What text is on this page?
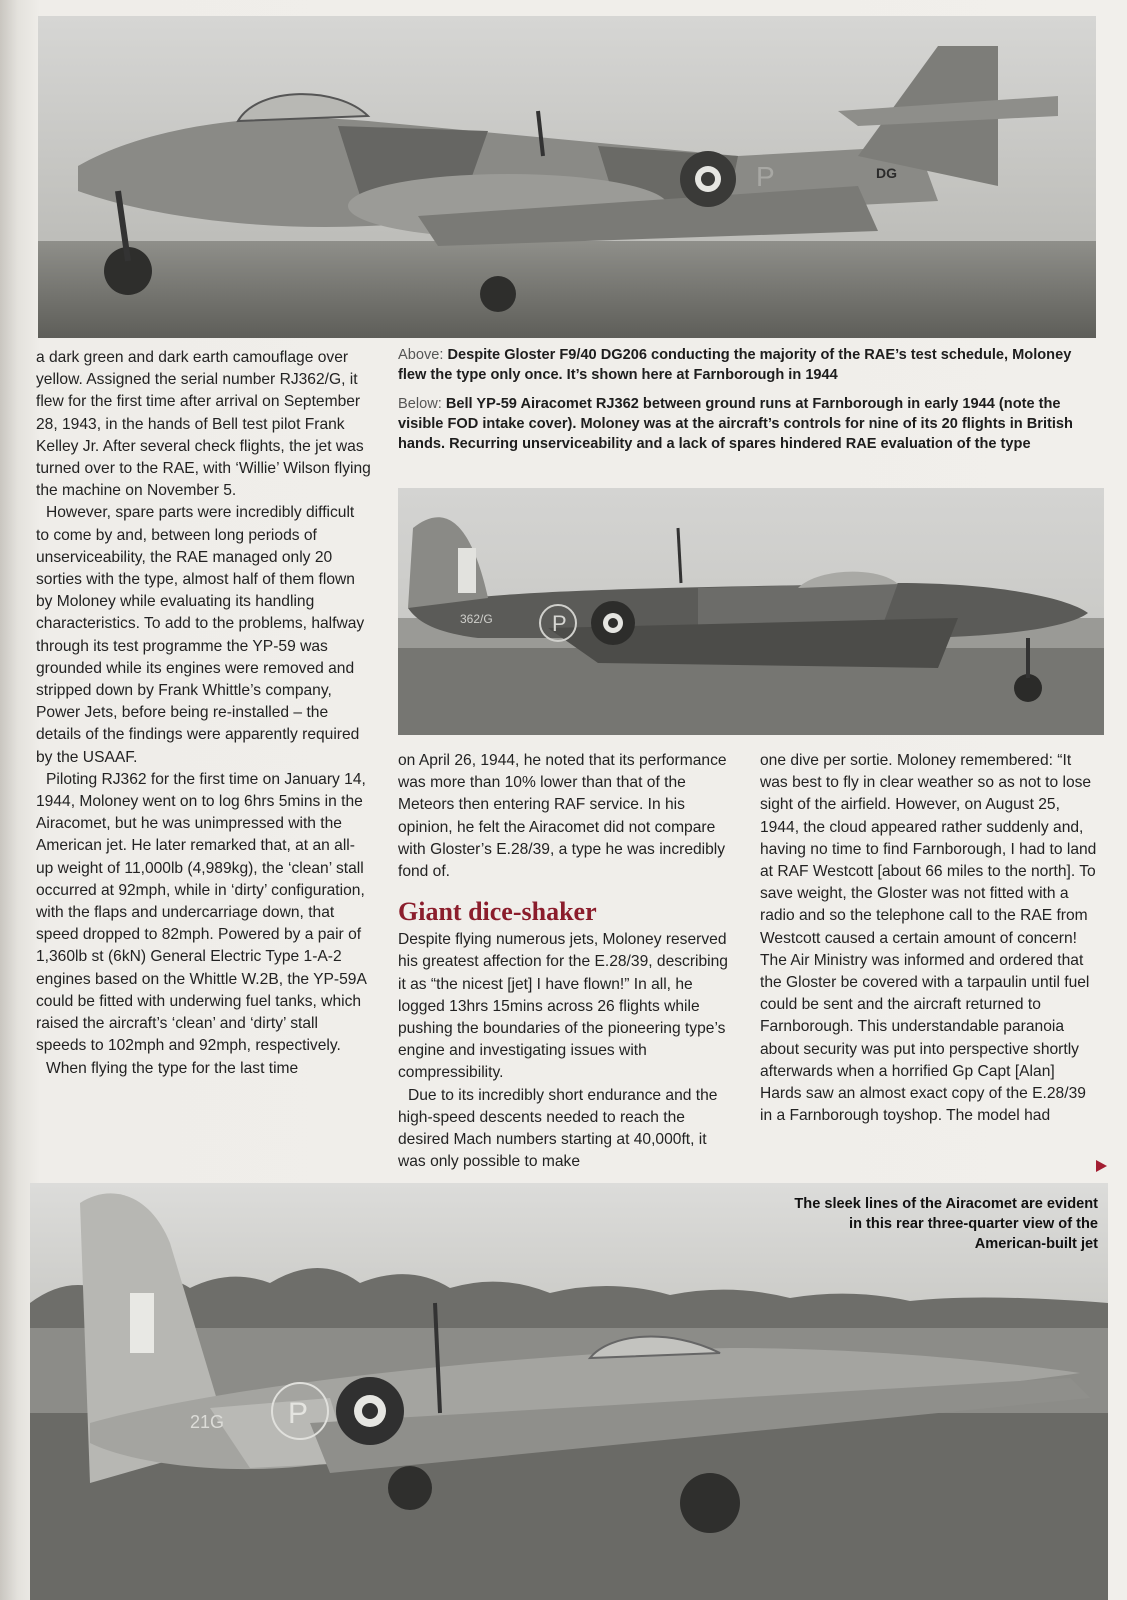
DG
P
Above: Despite Gloster F9/40 DG206 conducting the majority of the RAE’s test schedule, Moloney flew the type only once. It’s shown here at Farnborough in 1944
Below: Bell YP-59 Airacomet RJ362 between ground runs at Farnborough in early 1944 (note the visible FOD intake cover). Moloney was at the aircraft’s controls for nine of its 20 flights in British hands. Recurring unserviceability and a lack of spares hindered RAE evaluation of the type
P
362/G

a dark green and dark earth camouflage over yellow. Assigned the serial number RJ362/G, it flew for the first time after arrival on September 28, 1943, in the hands of Bell test pilot Frank Kelley Jr. After several check flights, the jet was turned over to the RAE, with ‘Willie’ Wilson flying the machine on November 5.

However, spare parts were incredibly difficult to come by and, between long periods of unserviceability, the RAE managed only 20 sorties with the type, almost half of them flown by Moloney while evaluating its handling characteristics. To add to the problems, halfway through its test programme the YP-59 was grounded while its engines were removed and stripped down by Frank Whittle’s company, Power Jets, before being re-installed – the details of the findings were apparently required by the USAAF.

Piloting RJ362 for the first time on January 14, 1944, Moloney went on to log 6hrs 5mins in the Airacomet, but he was unimpressed with the American jet. He later remarked that, at an all-up weight of 11,000lb (4,989kg), the ‘clean’ stall occurred at 92mph, while in ‘dirty’ configuration, with the flaps and undercarriage down, that speed dropped to 82mph. Powered by a pair of 1,360lb st (6kN) General Electric Type 1-A-2 engines based on the Whittle W.2B, the YP-59A could be fitted with underwing fuel tanks, which raised the aircraft’s ‘clean’ and ‘dirty’ stall speeds to 102mph and 92mph, respectively.

When flying the type for the last time

on April 26, 1944, he noted that its performance was more than 10% lower than that of the Meteors then entering RAF service. In his opinion, he felt the Airacomet did not compare with Gloster’s E.28/39, a type he was incredibly fond of.

Giant dice-shaker

Despite flying numerous jets, Moloney reserved his greatest affection for the E.28/39, describing it as “the nicest [jet] I have flown!” In all, he logged 13hrs 15mins across 26 flights while pushing the boundaries of the pioneering type’s engine and investigating issues with compressibility.

Due to its incredibly short endurance and the high-speed descents needed to reach the desired Mach numbers starting at 40,000ft, it was only possible to make

one dive per sortie. Moloney remembered: “It was best to fly in clear weather so as not to lose sight of the airfield. However, on August 25, 1944, the cloud appeared rather suddenly and, having no time to find Farnborough, I had to land at RAF Westcott [about 66 miles to the north]. To save weight, the Gloster was not fitted with a radio and so the telephone call to the RAE from Westcott caused a certain amount of concern! The Air Ministry was informed and ordered that the Gloster be covered with a tarpaulin until fuel could be sent and the aircraft returned to Farnborough. This understandable paranoia about security was put into perspective shortly afterwards when a horrified Gp Capt [Alan] Hards saw an almost exact copy of the E.28/39 in a Farnborough toyshop. The model had

P
21G
The sleek lines of the Airacomet are evident in this rear three-quarter view of the American-built jet
